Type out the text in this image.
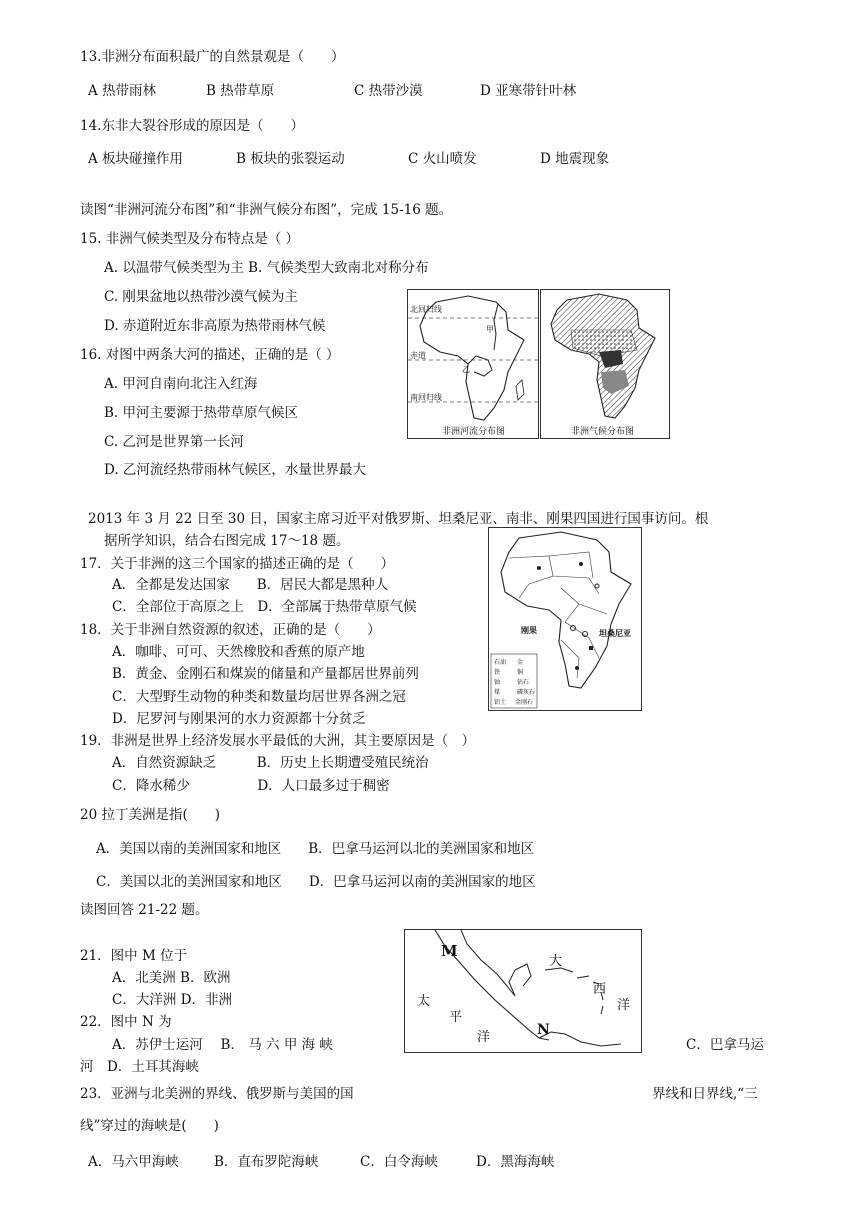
13.非洲分布面积最广的自然景观是（　　）
A 热带雨林	B 热带草原	C 热带沙漠	D 亚寒带针叶林
14.东非大裂谷形成的原因是（　　）
A 板块碰撞作用	B 板块的张裂运动	C 火山喷发	D 地震现象
读图“非洲河流分布图”和“非洲气候分布图”，完成 15-16 题。
15. 非洲气候类型及分布特点是（ ）
A. 以温带气候类型为主 B. 气候类型大致南北对称分布
C. 刚果盆地以热带沙漠气候为主
D. 赤道附近东非高原为热带雨林气候
16. 对图中两条大河的描述，正确的是（ ）
A. 甲河自南向北注入红海
B. 甲河主要源于热带草原气候区
C. 乙河是世界第一长河
D. 乙河流经热带雨林气候区，水量世界最大
北回归线
甲
赤道
乙
南回归线
非洲河流分布图	非洲气候分布图
2013 年 3 月 22 日至 30 日，国家主席习近平对俄罗斯、坦桑尼亚、南非、刚果四国进行国事访问。根
据所学知识，结合右图完成 17～18 题。
刚果	坦桑尼亚
石油 金
铁	铜
铀	钻石
煤	磷灰石
铝土 金刚石
17．关于非洲的这三个国家的描述正确的是（　　）
A．全都是发达国家　　B．居民大都是黑种人
C．全部位于高原之上　D．全部属于热带草原气候
18．关于非洲自然资源的叙述，正确的是（　　）
A．咖啡、可可、天然橡胶和香蕉的原产地
B．黄金、金刚石和煤炭的储量和产量都居世界前列
C．大型野生动物的种类和数量均居世界各洲之冠
D．尼罗河与刚果河的水力资源都十分贫乏
19．非洲是世界上经济发展水平最低的大洲，其主要原因是（　）
A．自然资源缺乏　　　B．历史上长期遭受殖民统治
C．降水稀少　　　　　D．人口最多过于稠密
20 拉丁美洲是指(　　)
A．美国以南的美洲国家和地区　　B．巴拿马运河以北的美洲国家和地区
C．美国以北的美洲国家和地区　　D．巴拿马运河以南的美洲国家的地区
读图回答 21-22 题。
M
大
西
洋
太
平
洋	N
21．图中 M 位于
A．北美洲 B．欧洲
C．大洋洲 D．非洲
22．图中 N 为
A．苏伊士运河　 B． 马 六 甲 海 峡	C．巴拿马运
河　D．土耳其海峡
23．亚洲与北美洲的界线、俄罗斯与美国的国	界线和日界线,“三
线”穿过的海峡是(　　)
A．马六甲海峡	B．直布罗陀海峡	C．白令海峡	D．黑海海峡
